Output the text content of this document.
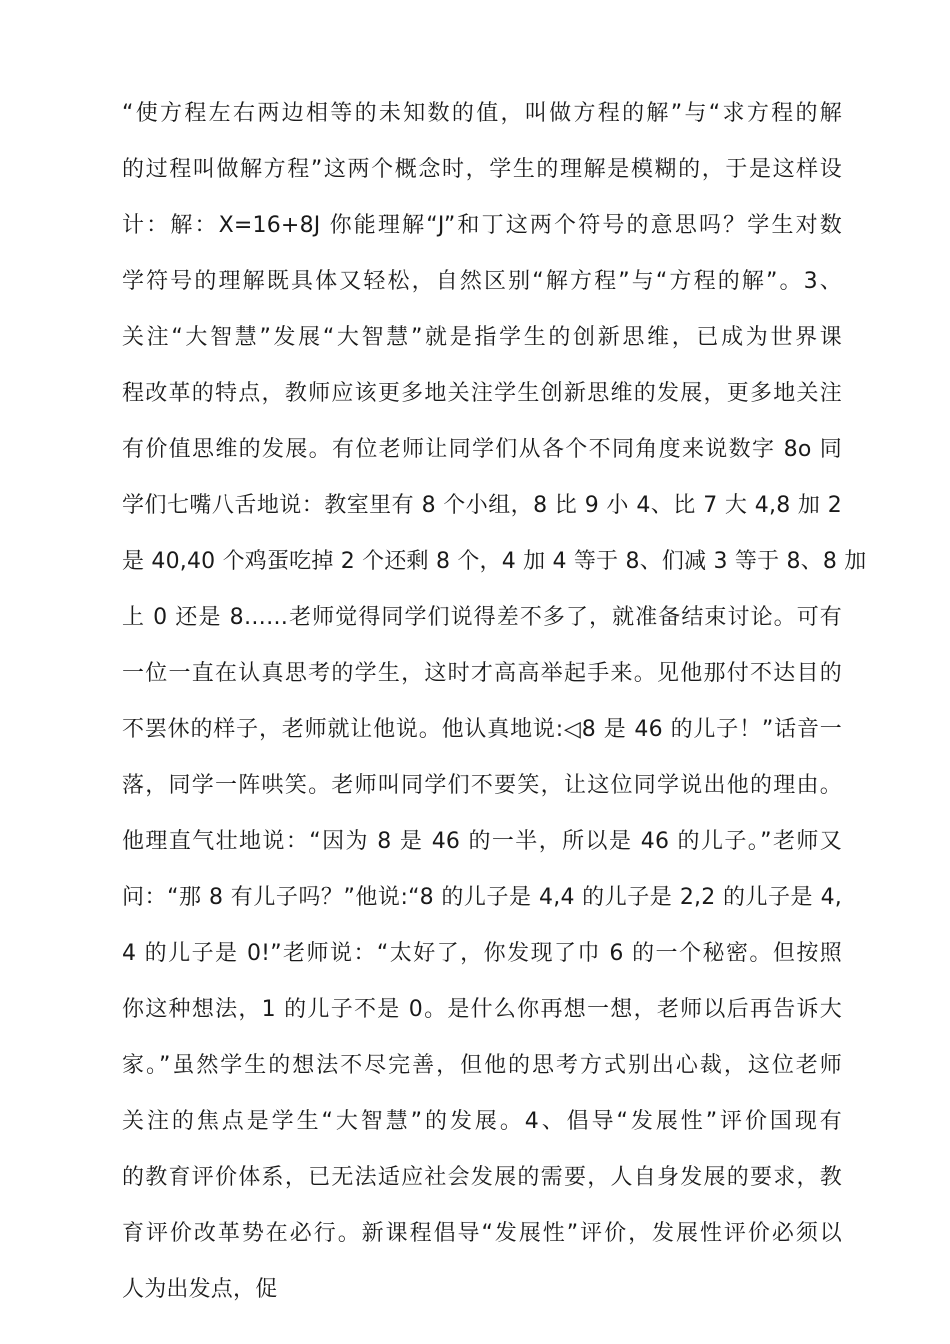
“使方程左右两边相等的未知数的值，叫做方程的解”与“求方程的解
的过程叫做解方程”这两个概念时，学生的理解是模糊的，于是这样设
计：解：X=16+8J 你能理解“J”和丁这两个符号的意思吗？学生对数
学符号的理解既具体又轻松，自然区别“解方程”与“方程的解”。3、
关注“大智慧”发展“大智慧”就是指学生的创新思维，已成为世界课
程改革的特点，教师应该更多地关注学生创新思维的发展，更多地关注
有价值思维的发展。有位老师让同学们从各个不同角度来说数字 8o 同
学们七嘴八舌地说：教室里有 8 个小组，8 比 9 小 4、比 7 大 4,8 加 2
是 40,40 个鸡蛋吃掉 2 个还剩 8 个，4 加 4 等于 8、们减 3 等于 8、8 加
上 0 还是 8……老师觉得同学们说得差不多了，就准备结束讨论。可有
一位一直在认真思考的学生，这时才高高举起手来。见他那付不达目的
不罢休的样子，老师就让他说。他认真地说:◁8 是 46 的儿子！”话音一
落，同学一阵哄笑。老师叫同学们不要笑，让这位同学说出他的理由。
他理直气壮地说：“因为 8 是 46 的一半，所以是 46 的儿子。”老师又
问：“那 8 有儿子吗？”他说:“8 的儿子是 4,4 的儿子是 2,2 的儿子是 4,
4 的儿子是 0!”老师说：“太好了，你发现了巾 6 的一个秘密。但按照
你这种想法，1 的儿子不是 0。是什么你再想一想，老师以后再告诉大
家。”虽然学生的想法不尽完善，但他的思考方式别出心裁，这位老师
关注的焦点是学生“大智慧”的发展。4、倡导“发展性”评价国现有
的教育评价体系，已无法适应社会发展的需要，人自身发展的要求，教
育评价改革势在必行。新课程倡导“发展性”评价，发展性评价必须以
人为出发点，促
